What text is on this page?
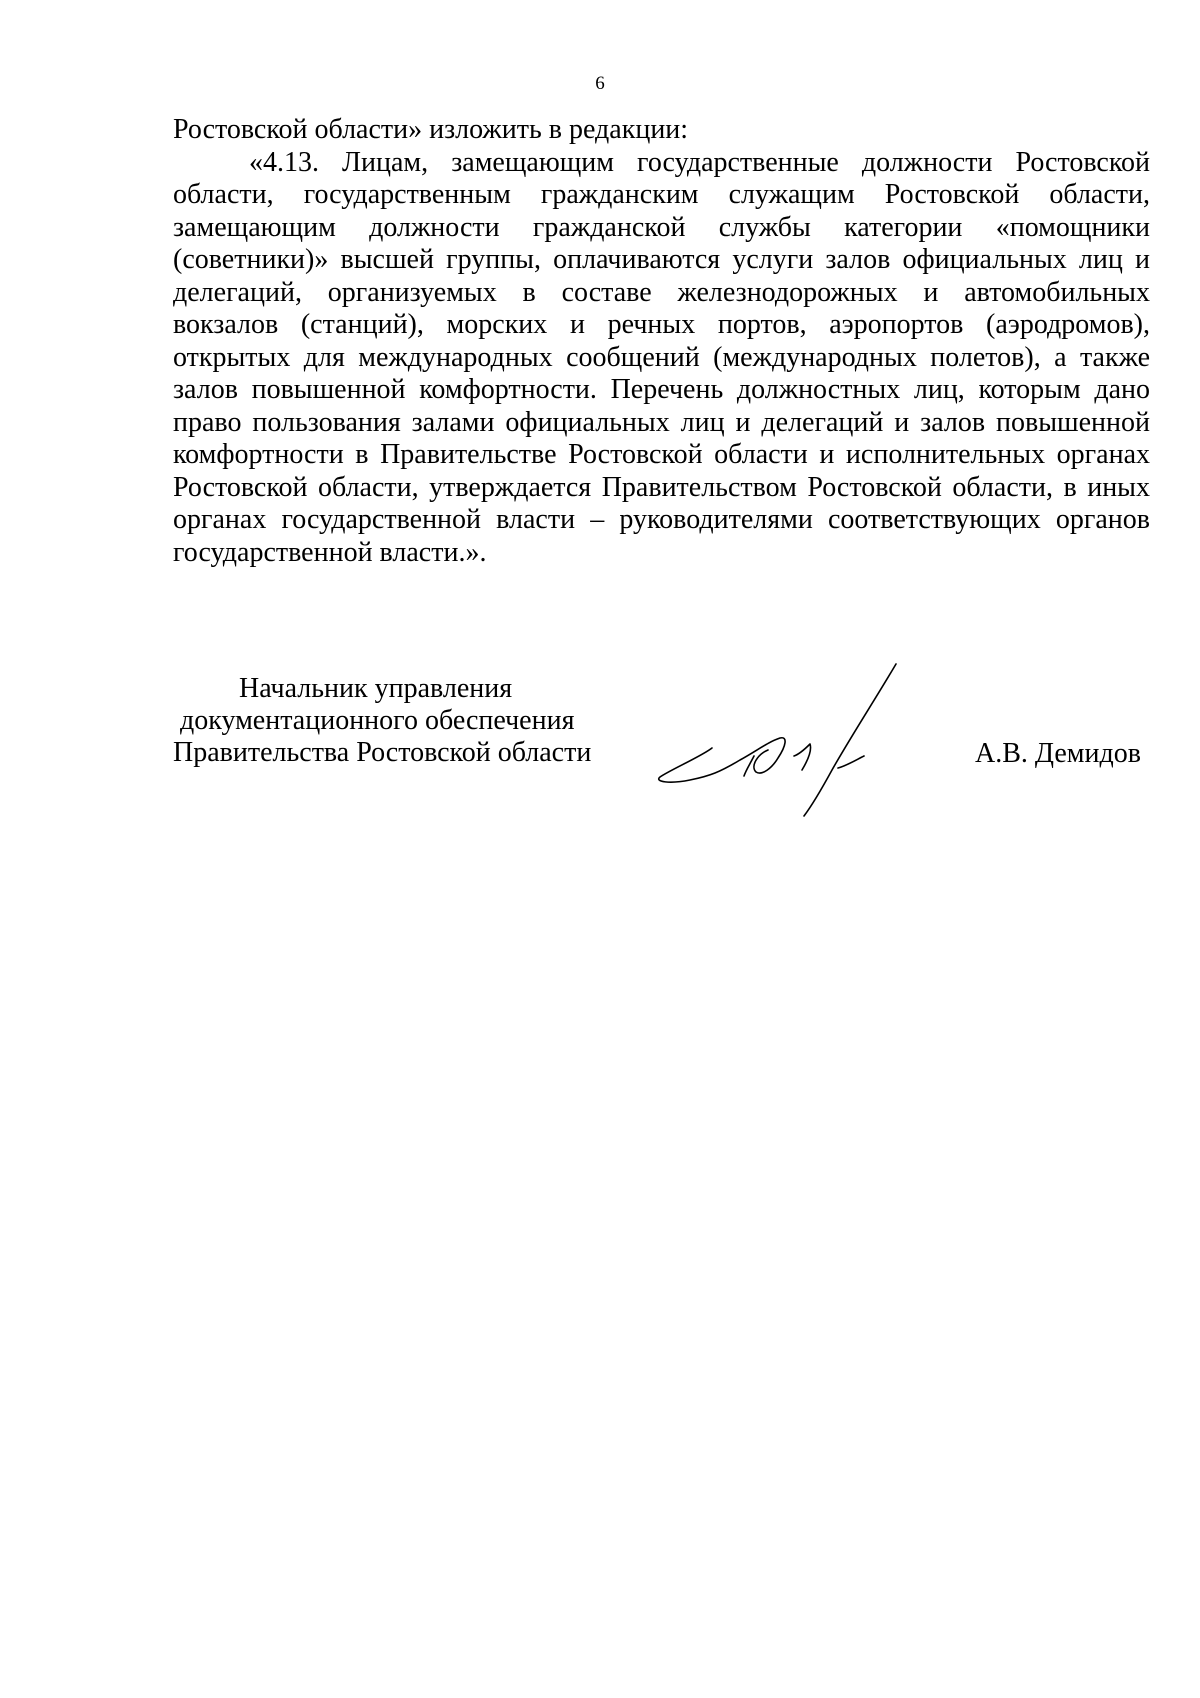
6
Ростовской области» изложить в редакции:
«4.13. Лицам, замещающим государственные должности Ростовской
области, государственным гражданским служащим Ростовской области,
замещающим должности гражданской службы категории «помощники
(советники)» высшей группы, оплачиваются услуги залов официальных лиц и
делегаций, организуемых в составе железнодорожных и автомобильных
вокзалов (станций), морских и речных портов, аэропортов (аэродромов),
открытых для международных сообщений (международных полетов), а также
залов повышенной комфортности. Перечень должностных лиц, которым дано
право пользования залами официальных лиц и делегаций и залов повышенной
комфортности в Правительстве Ростовской области и исполнительных органах
Ростовской области, утверждается Правительством Ростовской области, в иных
органах государственной власти – руководителями соответствующих органов
государственной власти.».
Начальник управления
документационного обеспечения
Правительства Ростовской области	А.В. Демидов
